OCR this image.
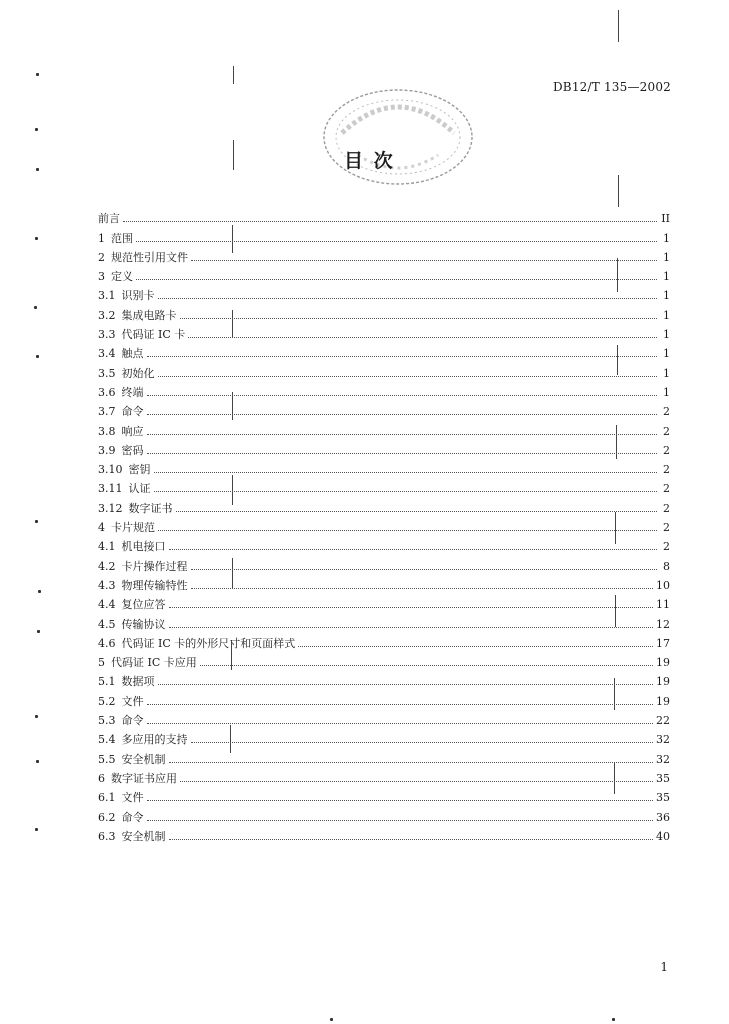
DB12/T 135—2002
目 次
前言	II
1 范围	1
2 规范性引用文件	1
3 定义	1
3.1 识别卡	1
3.2 集成电路卡	1
3.3 代码证 IC 卡	1
3.4 触点	1
3.5 初始化	1
3.6 终端	1
3.7 命令	2
3.8 响应	2
3.9 密码	2
3.10 密钥	2
3.11 认证	2
3.12 数字证书	2
4 卡片规范	2
4.1 机电接口	2
4.2 卡片操作过程	8
4.3 物理传输特性	10
4.4 复位应答	11
4.5 传输协议	12
4.6 代码证 IC 卡的外形尺寸和页面样式	17
5 代码证 IC 卡应用	19
5.1 数据项	19
5.2 文件	19
5.3 命令	22
5.4 多应用的支持	32
5.5 安全机制	32
6 数字证书应用	35
6.1 文件	35
6.2 命令	36
6.3 安全机制	40
1
